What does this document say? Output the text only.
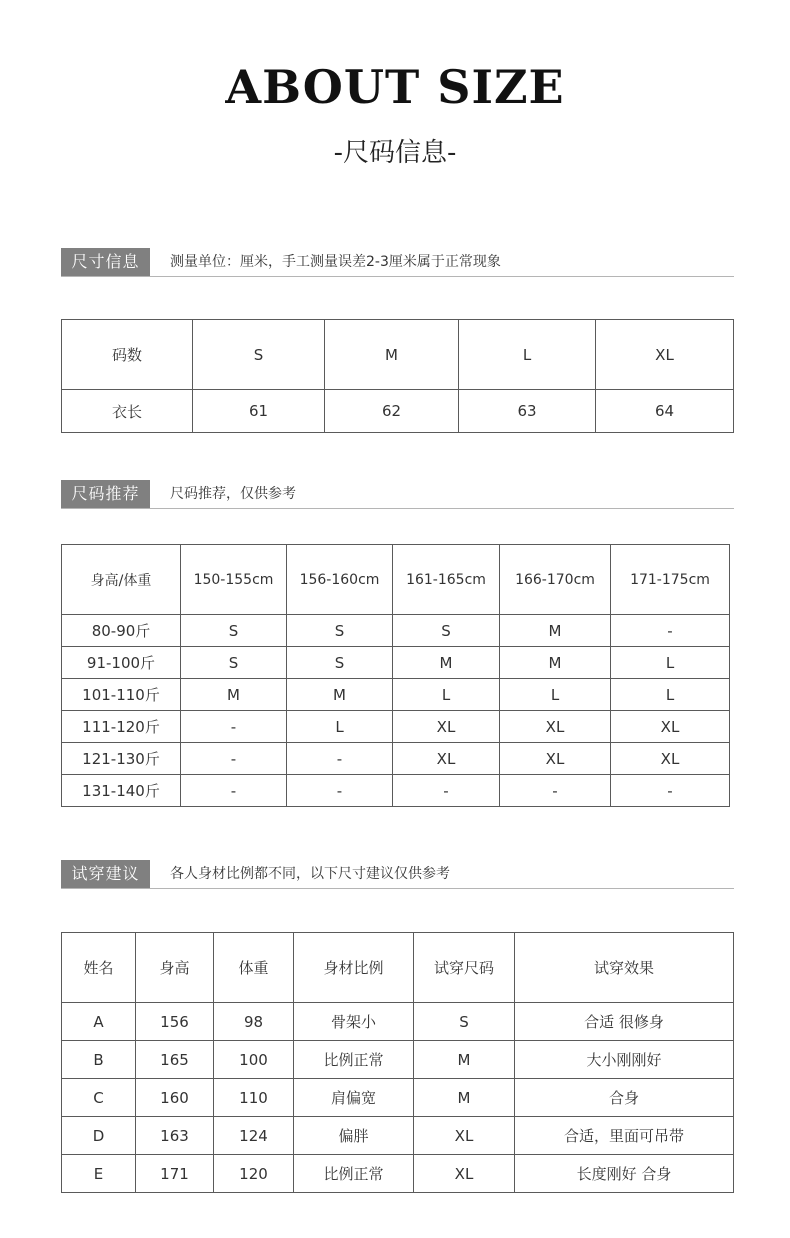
ABOUT SIZE
-尺码信息-
尺寸信息	测量单位：厘米，手工测量误差2-3厘米属于正常现象
码数	S	M	L	XL
衣长	61	62	63	64
尺码推荐	尺码推荐，仅供参考
身高/体重	150-155cm	156-160cm	161-165cm	166-170cm	171-175cm
80-90斤	S	S	S	M	-
91-100斤	S	S	M	M	L
101-110斤	M	M	L	L	L
111-120斤	-	L	XL	XL	XL
121-130斤	-	-	XL	XL	XL
131-140斤	-	-	-	-	-
试穿建议	各人身材比例都不同，以下尺寸建议仅供参考
姓名	身高	体重	身材比例	试穿尺码	试穿效果
A	156	98	骨架小	S	合适 很修身
B	165	100	比例正常	M	大小刚刚好
C	160	110	肩偏宽	M	合身
D	163	124	偏胖	XL	合适，里面可吊带
E	171	120	比例正常	XL	长度刚好 合身
